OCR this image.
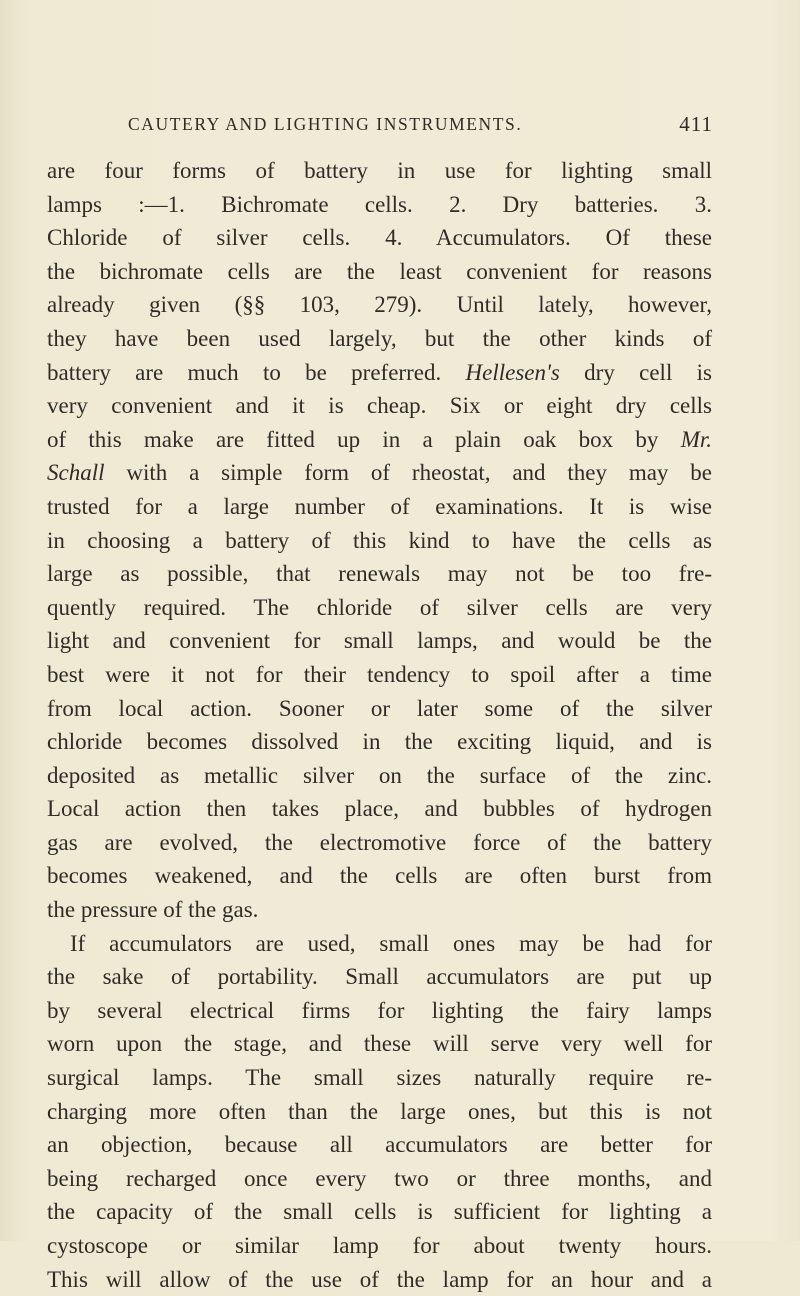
CAUTERY AND LIGHTING INSTRUMENTS.	411
are four forms of battery in use for lighting small
lamps :—1. Bichromate cells. 2. Dry batteries. 3.
Chloride of silver cells. 4. Accumulators. Of these
the bichromate cells are the least convenient for reasons
already given (§§ 103, 279). Until lately, however,
they have been used largely, but the other kinds of
battery are much to be preferred. Hellesen's dry cell is
very convenient and it is cheap. Six or eight dry cells
of this make are fitted up in a plain oak box by Mr.
Schall with a simple form of rheostat, and they may be
trusted for a large number of examinations. It is wise
in choosing a battery of this kind to have the cells as
large as possible, that renewals may not be too fre-
quently required. The chloride of silver cells are very
light and convenient for small lamps, and would be the
best were it not for their tendency to spoil after a time
from local action. Sooner or later some of the silver
chloride becomes dissolved in the exciting liquid, and is
deposited as metallic silver on the surface of the zinc.
Local action then takes place, and bubbles of hydrogen
gas are evolved, the electromotive force of the battery
becomes weakened, and the cells are often burst from
the pressure of the gas.
If accumulators are used, small ones may be had for
the sake of portability. Small accumulators are put up
by several electrical firms for lighting the fairy lamps
worn upon the stage, and these will serve very well for
surgical lamps. The small sizes naturally require re-
charging more often than the large ones, but this is not
an objection, because all accumulators are better for
being recharged once every two or three months, and
the capacity of the small cells is sufficient for lighting a
cystoscope or similar lamp for about twenty hours.
This will allow of the use of the lamp for an hour and a
